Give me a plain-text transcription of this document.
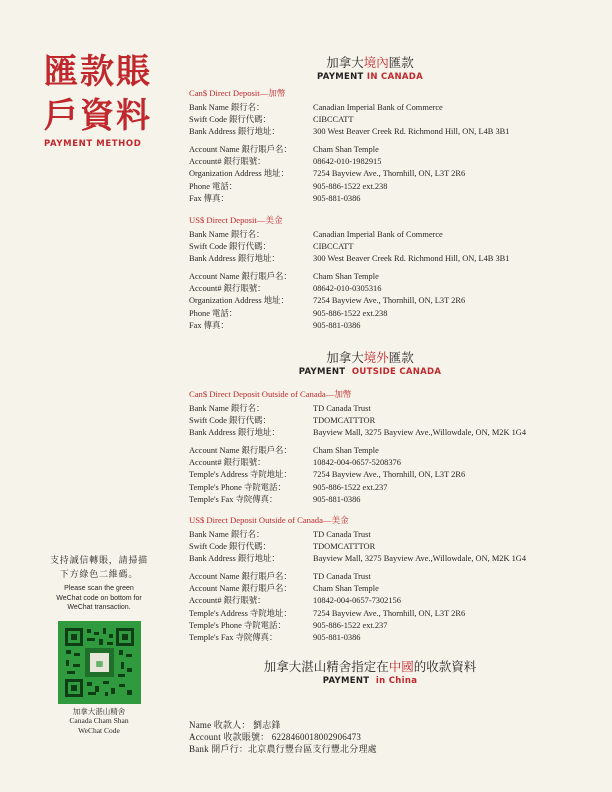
匯款賬
戶資料
PAYMENT METHOD
加拿大境內匯款
PAYMENT IN CANADA
Can$ Direct Deposit—加幣
Bank Name 銀行名：	Canadian Imperial Bank of Commerce
Swift Code 銀行代碼：	CIBCCATT
Bank Address 銀行地址：	300 West Beaver Creek Rd. Richmond Hill, ON, L4B 3B1
Account Name 銀行賬戶名：	Cham Shan Temple
Account# 銀行賬號：	08642-010-1982915
Organization Address 地址：	7254 Bayview Ave., Thornhill, ON, L3T 2R6
Phone 電話：	905-886-1522 ext.238
Fax 傳真：	905-881-0386
US$ Direct Deposit—美金
Bank Name 銀行名：	Canadian Imperial Bank of Commerce
Swift Code 銀行代碼：	CIBCCATT
Bank Address 銀行地址：	300 West Beaver Creek Rd. Richmond Hill, ON, L4B 3B1
Account Name 銀行賬戶名：	Cham Shan Temple
Account# 銀行賬號：	08642-010-0305316
Organization Address 地址：	7254 Bayview Ave., Thornhill, ON, L3T 2R6
Phone 電話：	905-886-1522 ext.238
Fax 傳真：	905-881-0386
加拿大境外匯款
PAYMENT OUTSIDE CANADA
Can$ Direct Deposit Outside of Canada—加幣
Bank Name 銀行名：	TD Canada Trust
Swift Code 銀行代碼：	TDOMCATTTOR
Bank Address 銀行地址：	Bayview Mall, 3275 Bayview Ave.,Willowdale, ON, M2K 1G4
Account Name 銀行賬戶名：	Cham Shan Temple
Account# 銀行賬號：	10842-004-0657-5208376
Temple's Address 寺院地址：	7254 Bayview Ave., Thornhill, ON, L3T 2R6
Temple's Phone 寺院電話：	905-886-1522 ext.237
Temple's Fax 寺院傳真：	905-881-0386
US$ Direct Deposit Outside of Canada—美金
Bank Name 銀行名：	TD Canada Trust
Swift Code 銀行代碼：	TDOMCATTTOR
Bank Address 銀行地址：	Bayview Mall, 3275 Bayview Ave.,Willowdale, ON, M2K 1G4
Account Name 銀行賬戶名：	TD Canada Trust
Account Name 銀行賬戶名：	Cham Shan Temple
Account# 銀行賬號：	10842-004-0657-7302156
Temple's Address 寺院地址：	7254 Bayview Ave., Thornhill, ON, L3T 2R6
Temple's Phone 寺院電話：	905-886-1522 ext.237
Temple's Fax 寺院傳真：	905-881-0386
加拿大湛山精舍指定在中國的收款資料
PAYMENT in China
Name 收款人： 劉志鋒
Account 收款賬號： 6228460018002906473
Bank 開戶行：北京農行豐台區支行豐北分理處
支持誠信轉賬，請掃描
下方綠色二維碼。
Please scan the green
WeChat code on bottom for
WeChat transaction.
▦
加拿大湛山精舍
Canada Cham Shan
WeChat Code
